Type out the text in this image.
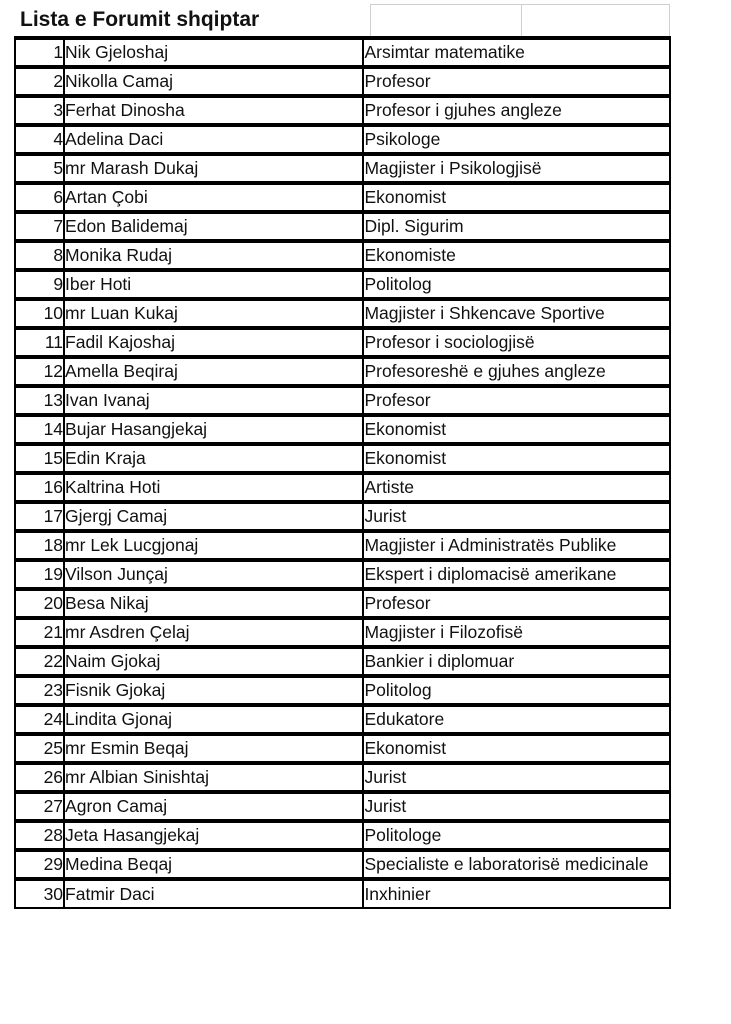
Lista e Forumit shqiptar
1	Nik Gjeloshaj	Arsimtar matematike
2	Nikolla Camaj	Profesor
3	Ferhat Dinosha	Profesor i gjuhes angleze
4	Adelina Daci	Psikologe
5	mr Marash Dukaj	Magjister i Psikologjisë
6	Artan Çobi	Ekonomist
7	Edon Balidemaj	Dipl. Sigurim
8	Monika Rudaj	Ekonomiste
9	Iber Hoti	Politolog
10	mr Luan Kukaj	Magjister i Shkencave Sportive
11	Fadil Kajoshaj	Profesor i sociologjisë
12	Amella Beqiraj	Profesoreshë e gjuhes angleze
13	Ivan Ivanaj	Profesor
14	Bujar Hasangjekaj	Ekonomist
15	Edin Kraja	Ekonomist
16	Kaltrina Hoti	Artiste
17	Gjergj Camaj	Jurist
18	mr Lek Lucgjonaj	Magjister i Administratës Publike
19	Vilson Junçaj	Ekspert i diplomacisë amerikane
20	Besa Nikaj	Profesor
21	mr Asdren Çelaj	Magjister i Filozofisë
22	Naim Gjokaj	Bankier i diplomuar
23	Fisnik Gjokaj	Politolog
24	Lindita Gjonaj	Edukatore
25	mr Esmin Beqaj	Ekonomist
26	mr Albian Sinishtaj	Jurist
27	Agron Camaj	Jurist
28	Jeta Hasangjekaj	Politologe
29	Medina Beqaj	Specialiste e laboratorisë medicinale
30	Fatmir Daci	Inxhinier
